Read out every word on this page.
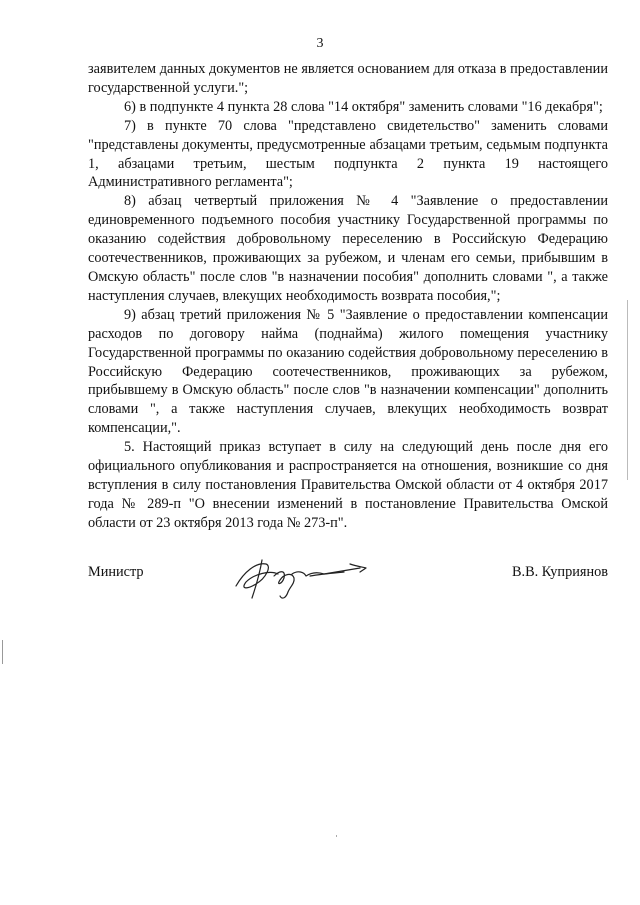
3

заявителем данных документов не является основанием для отказа в предоставлении государственной услуги.";

6) в подпункте 4 пункта 28 слова "14 октября" заменить словами "16 декабря";

7) в пункте 70 слова "представлено свидетельство" заменить словами "представлены документы, предусмотренные абзацами третьим, седьмым подпункта 1, абзацами третьим, шестым подпункта 2 пункта 19 настоящего Административного регламента";

8) абзац четвертый приложения № 4 "Заявление о предоставлении единовременного подъемного пособия участнику Государственной программы по оказанию содействия добровольному переселению в Российскую Федерацию соотечественников, проживающих за рубежом, и членам его семьи, прибывшим в Омскую область" после слов "в назначении пособия" дополнить словами ", а также наступления случаев, влекущих необходимость возврата пособия,";

9) абзац третий приложения № 5 "Заявление о предоставлении компенсации расходов по договору найма (поднайма) жилого помещения участнику Государственной программы по оказанию содействия добровольному переселению в Российскую Федерацию соотечественников, проживающих за рубежом, прибывшему в Омскую область" после слов "в назначении компенсации" дополнить словами ", а также наступления случаев, влекущих необходимость возврат компенсации,".

5. Настоящий приказ вступает в силу на следующий день после дня его официального опубликования и распространяется на отношения, возникшие со дня вступления в силу постановления Правительства Омской области от 4 октября 2017 года № 289-п "О внесении изменений в постановление Правительства Омской области от 23 октября 2013 года № 273-п".

Министр	В.В. Куприянов
